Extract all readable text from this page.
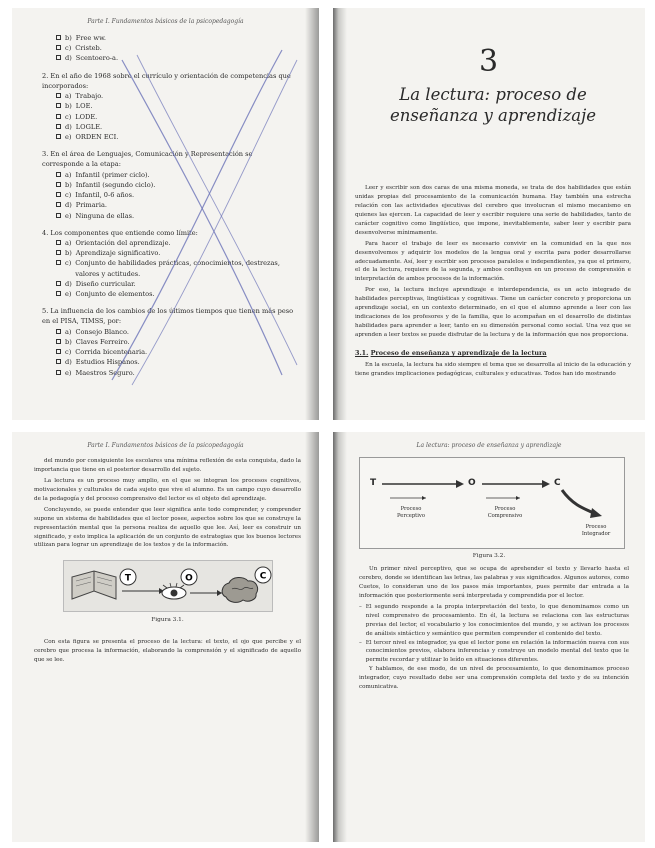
Parte I. Fundamentos básicos de la psicopedagogía
b) Free ww.
c) Cristeb.
d) Scentoero-a.
2. En el año de 1968 sobre el currículo y orientación de competencias que incorporados:
a) Trabajo.
b) LOE.
c) LODE.
d) LOGLE.
e) ORDEN ECI.
3. En el área de Lenguajes, Comunicación y Representación se corresponde a la etapa:
a) Infantil (primer ciclo).
b) Infantil (segundo ciclo).
c) Infantil, 0-6 años.
d) Primaria.
e) Ninguna de ellas.
4. Los componentes que entiende como límite:
a) Orientación del aprendizaje.
b) Aprendizaje significativo.
c) Conjunto de habilidades prácticas, conocimientos, destrezas, valores y actitudes.
d) Diseño curricular.
e) Conjunto de elementos.
5. La influencia de los cambios de los últimos tiempos que tienen más peso en el PISA, TIMSS, por:
a) Consejo Blanco.
b) Claves Ferreiro.
c) Corrida bicentenaria.
d) Estudios Hispanos.
e) Maestros Seguro.
3
La lectura: proceso de enseñanza y aprendizaje

Leer y escribir son dos caras de una misma moneda, se trata de dos habilidades que están unidas propias del procesamiento de la comunicación humana. Hay también una estrecha relación con las actividades ejecutivas del cerebro que involucran el mismo mecanismo en quienes las ejercen. La capacidad de leer y escribir requiere una serie de habilidades, tanto de carácter cognitivo como lingüístico, que impone, inevitablemente, saber leer y escribir para desenvolverse mínimamente.

Para hacer el trabajo de leer es necesario convivir en la comunidad en la que nos desenvolvemos y adquirir los modelos de la lengua oral y escrita para poder desarrollarse adecuadamente. Así, leer y escribir son procesos paralelos e independientes, ya que el primero, el de la lectura, requiere de la segunda, y ambos confluyen en un proceso de comprensión e interpretación de ambos procesos de la información.

Por eso, la lectura incluye aprendizaje e interdependencia, es un acto integrado de habilidades perceptivas, lingüísticas y cognitivas. Tiene un carácter concreto y proporciona un aprendizaje social, en un contexto determinado, en el que el alumno aprende a leer con las indicaciones de los profesores y de la familia, que lo acompañan en el desarrollo de distintas habilidades para aprender a leer, tanto en su dimensión personal como social. Una vez que se aprenden a leer textos se puede disfrutar de la lectura y de la información que nos proporciona.

3.1. Proceso de enseñanza y aprendizaje de la lectura

En la escuela, la lectura ha sido siempre el tema que se desarrolla al inicio de la educación y tiene grandes implicaciones pedagógicas, culturales y educativas. Todos han ido mostrando

Parte I. Fundamentos básicos de la psicopedagogía

del mundo por consiguiente los escolares una mínima reflexión de esta conquista, dado la importancia que tiene en el posterior desarrollo del sujeto.

La lectura es un proceso muy amplio, en el que se integran los procesos cognitivos, motivacionales y culturales de cada sujeto que vive el alumno. Es un campo cuyo desarrollo de la pedagogía y del proceso comprensivo del lector es el objeto del aprendizaje.

Concluyendo, se puede entender que leer significa ante todo comprender, y comprender supone un sistema de habilidades que el lector posee, aspectos sobre los que se construye la representación mental que la persona realiza de aquello que lee. Así, leer es construir un significado, y esto implica la aplicación de un conjunto de estrategias que los buenos lectores utilizan para lograr un aprendizaje de los textos y de la información.

T	O	C
Figura 3.1.

Con esta figura se presenta el proceso de la lectura: el texto, el ojo que percibe y el cerebro que procesa la información, elaborando la comprensión y el significado de aquello que se lee.

La lectura: proceso de enseñanza y aprendizaje
T	O	C
Proceso Perceptivo
Proceso Comprensivo
Proceso Integrador
Figura 3.2.

Un primer nivel perceptivo, que se ocupa de aprehender el texto y llevarlo hasta el cerebro, donde se identifican las letras, las palabras y sus significados. Algunos autores, como Cuetos, lo consideran uno de los pasos más importantes, pues permite dar entrada a la información que posteriormente será interpretada y comprendida por el lector.

– El segundo responde a la propia interpretación del texto, lo que denominamos como un nivel comprensivo de procesamiento. En él, la lectura se relaciona con las estructuras previas del lector, el vocabulario y los conocimientos del mundo, y se activan los procesos de análisis sintáctico y semántico que permiten comprender el contenido del texto.
– El tercer nivel es integrador, ya que el lector pone en relación la información nueva con sus conocimientos previos, elabora inferencias y construye un modelo mental del texto que le permite recordar y utilizar lo leído en situaciones diferentes.

Y hablamos, de ese modo, de un nivel de procesamiento, lo que denominamos proceso integrador, cuyo resultado debe ser una comprensión completa del texto y de su intención comunicativa.
